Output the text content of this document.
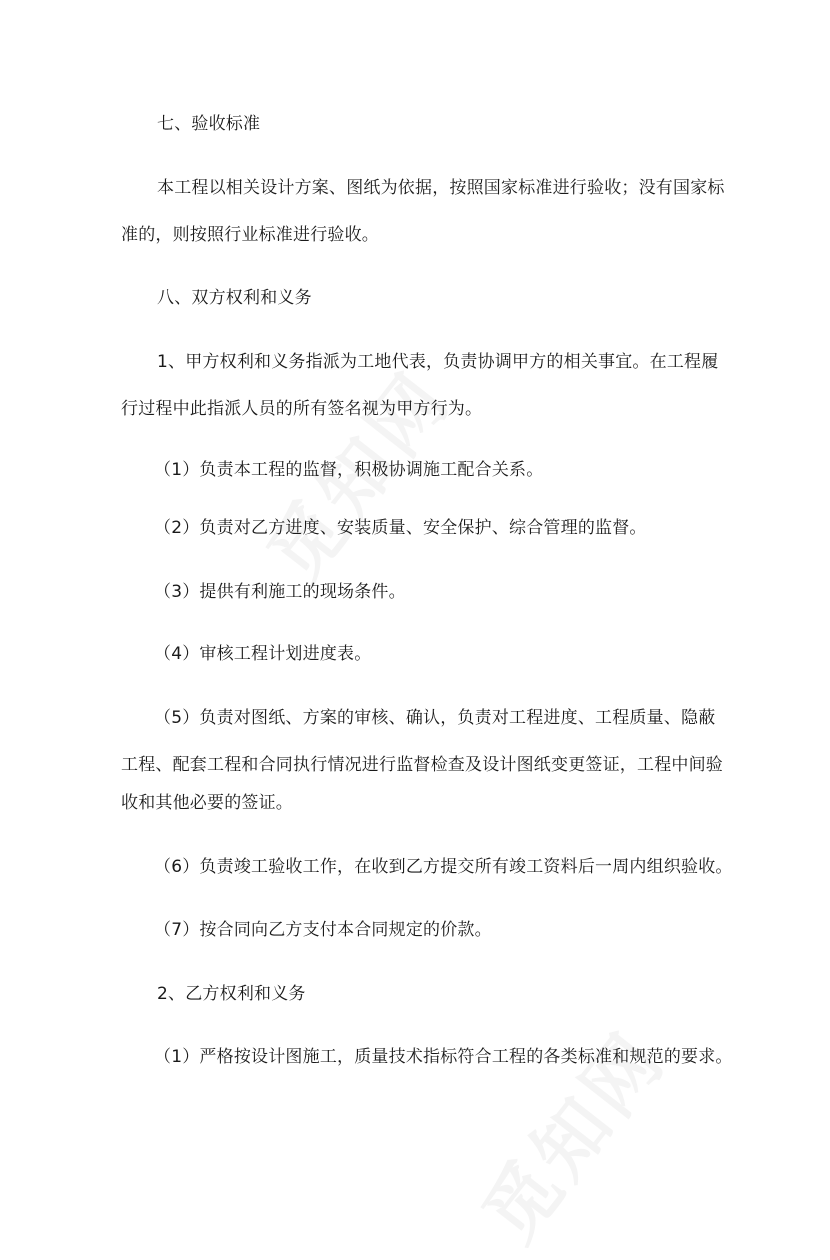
七、验收标准
本工程以相关设计方案、图纸为依据，按照国家标准进行验收；没有国家标
准的，则按照行业标准进行验收。
八、双方权利和义务
1、甲方权利和义务指派为工地代表，负责协调甲方的相关事宜。在工程履
行过程中此指派人员的所有签名视为甲方行为。
（1）负责本工程的监督，积极协调施工配合关系。
（2）负责对乙方进度、安装质量、安全保护、综合管理的监督。
（3）提供有利施工的现场条件。
（4）审核工程计划进度表。
（5）负责对图纸、方案的审核、确认，负责对工程进度、工程质量、隐蔽
工程、配套工程和合同执行情况进行监督检查及设计图纸变更签证，工程中间验
收和其他必要的签证。
（6）负责竣工验收工作，在收到乙方提交所有竣工资料后一周内组织验收。
（7）按合同向乙方支付本合同规定的价款。
2、乙方权利和义务
（1）严格按设计图施工，质量技术指标符合工程的各类标准和规范的要求。
